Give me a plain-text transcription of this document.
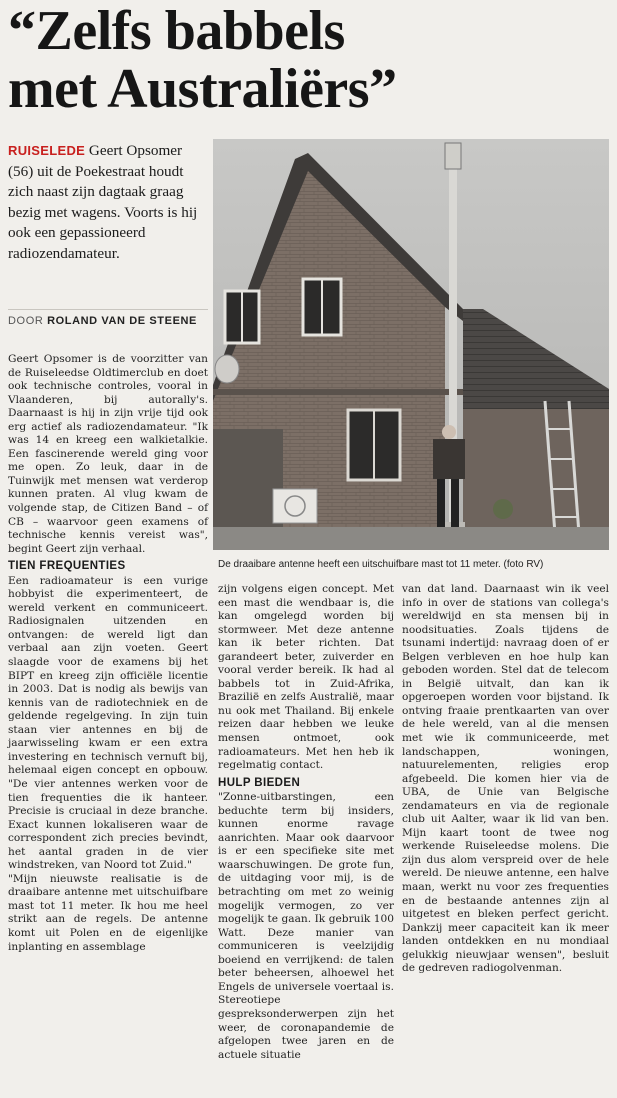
“Zelfs babbels
met Australiërs”

RUISELEDE Geert Opsomer (56) uit de Poekestraat houdt zich naast zijn dagtaak graag bezig met wagens. Voorts is hij ook een gepassioneerd radiozendamateur.

DOOR ROLAND VAN DE STEENE

De draaibare antenne heeft een uitschuifbare mast tot 11 meter. (foto RV)

Geert Opsomer is de voorzitter van de Ruiseleedse Oldtimerclub en doet ook technische controles, vooral in Vlaanderen, bij autorally's. Daarnaast is hij in zijn vrije tijd ook erg actief als radiozendamateur. "Ik was 14 en kreeg een walkietalkie. Een fascinerende wereld ging voor me open. Zo leuk, daar in de Tuinwijk met mensen wat verderop kunnen praten. Al vlug kwam de volgende stap, de Citizen Band – of CB – waarvoor geen examens of technische kennis vereist was", begint Geert zijn verhaal.

TIEN FREQUENTIES

Een radioamateur is een vurige hobbyist die experimenteert, de wereld verkent en communiceert. Radiosignalen uitzenden en ontvangen: de wereld ligt dan verbaal aan zijn voeten. Geert slaagde voor de examens bij het BIPT en kreeg zijn officiële licentie in 2003. Dat is nodig als bewijs van kennis van de radiotechniek en de geldende regelgeving. In zijn tuin staan vier antennes en bij de jaarwisseling kwam er een extra investering en technisch vernuft bij, helemaal eigen concept en opbouw. "De vier antennes werken voor de tien frequenties die ik hanteer. Precisie is cruciaal in deze branche. Exact kunnen lokaliseren waar de correspondent zich precies bevindt, het aantal graden in de vier windstreken, van Noord tot Zuid."

"Mijn nieuwste realisatie is de draaibare antenne met uitschuifbare mast tot 11 meter. Ik hou me heel strikt aan de regels. De antenne komt uit Polen en de eigenlijke inplanting en assemblage

zijn volgens eigen concept. Met een mast die wendbaar is, die kan omgelegd worden bij stormweer. Met deze antenne kan ik beter richten. Dat garandeert beter, zuiverder en vooral verder bereik. Ik had al babbels tot in Zuid-Afrika, Brazilië en zelfs Australië, maar nu ook met Thailand. Bij enkele reizen daar hebben we leuke mensen ontmoet, ook radioamateurs. Met hen heb ik regelmatig contact.

HULP BIEDEN

"Zonne-uitbarstingen, een beduchte term bij insiders, kunnen enorme ravage aanrichten. Maar ook daarvoor is er een specifieke site met waarschuwingen. De grote fun, de uitdaging voor mij, is de betrachting om met zo weinig mogelijk vermogen, zo ver mogelijk te gaan. Ik gebruik 100 Watt. Deze manier van communiceren is veelzijdig boeiend en verrijkend: de talen beter beheersen, alhoewel het Engels de universele voertaal is. Stereotiepe gespreksonderwerpen zijn het weer, de coronapandemie de afgelopen twee jaren en de actuele situatie

van dat land. Daarnaast win ik veel info in over de stations van collega's wereldwijd en sta mensen bij in noodsituaties. Zoals tijdens de tsunami indertijd: navraag doen of er Belgen verbleven en hoe hulp kan geboden worden. Stel dat de telecom in België uitvalt, dan kan ik opgeroepen worden voor bijstand. Ik ontving fraaie prentkaarten van over de hele wereld, van al die mensen met wie ik communiceerde, met landschappen, woningen, natuurelementen, religies erop afgebeeld. Die komen hier via de UBA, de Unie van Belgische zendamateurs en via de regionale club uit Aalter, waar ik lid van ben. Mijn kaart toont de twee nog werkende Ruiseleedse molens. Die zijn dus alom verspreid over de hele wereld. De nieuwe antenne, een halve maan, werkt nu voor zes frequenties en de bestaande antennes zijn al uitgetest en bleken perfect gericht. Dankzij meer capaciteit kan ik meer landen ontdekken en nu mondiaal gelukkig nieuwjaar wensen", besluit de gedreven radiogolvenman.
